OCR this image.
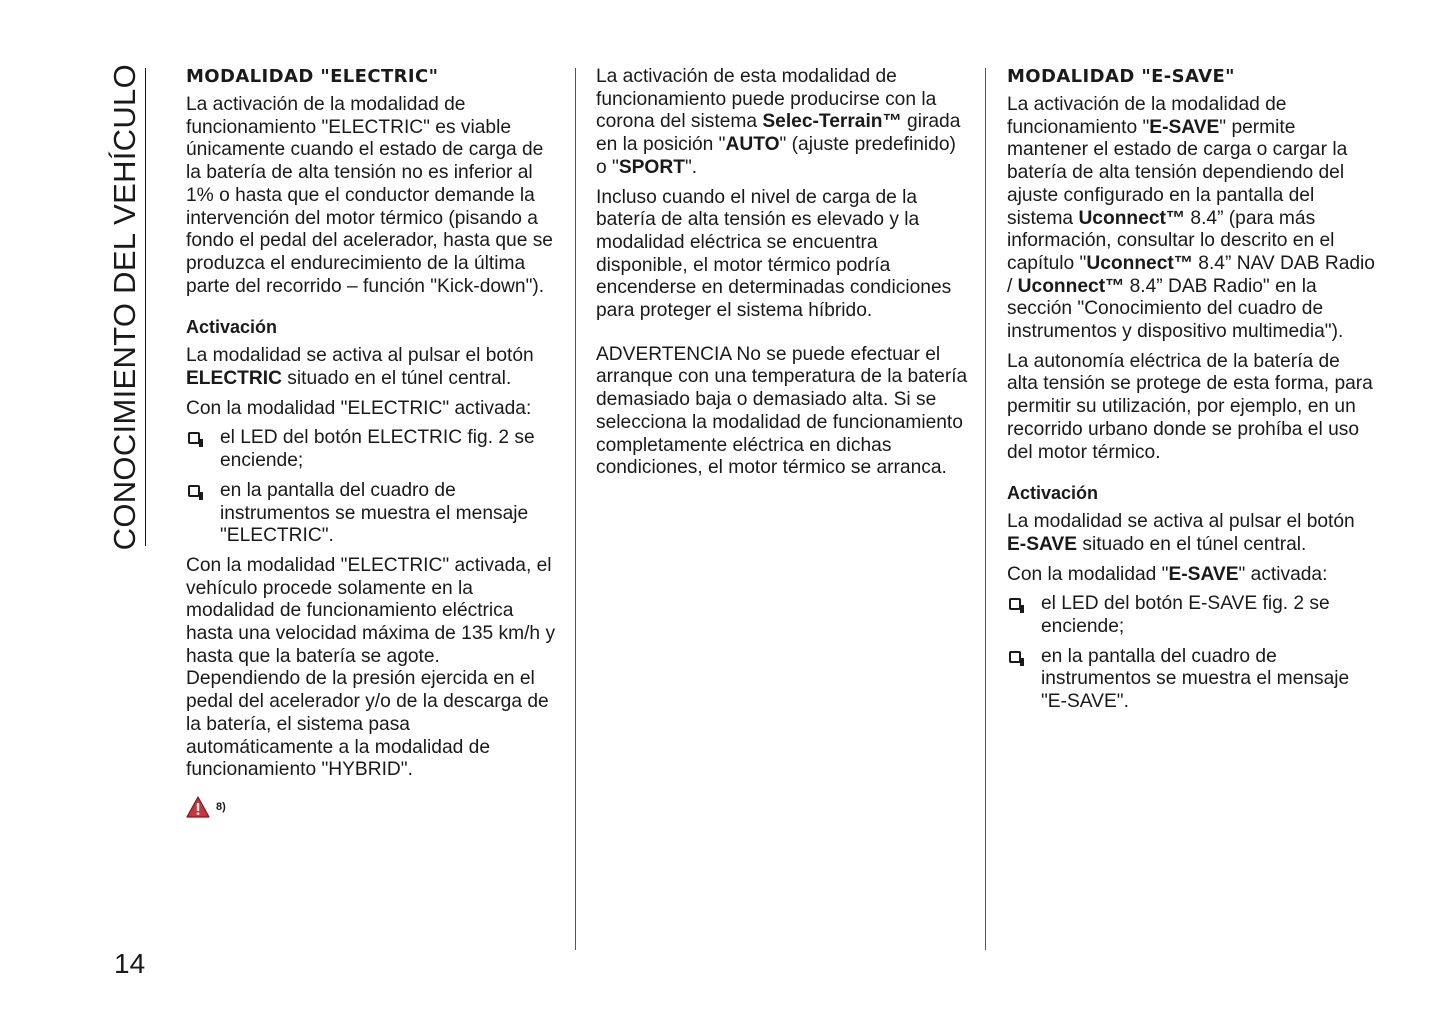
CONOCIMIENTO DEL VEHÍCULO
14
MODALIDAD "ELECTRIC"

La activación de la modalidad de funcionamiento "ELECTRIC" es viable únicamente cuando el estado de carga de la batería de alta tensión no es inferior al 1% o hasta que el conductor demande la intervención del motor térmico (pisando a fondo el pedal del acelerador, hasta que se produzca el endurecimiento de la última parte del recorrido – función "Kick-down").

Activación

La modalidad se activa al pulsar el botón ELECTRIC situado en el túnel central.

Con la modalidad "ELECTRIC" activada:

el LED del botón ELECTRIC fig. 2 se enciende;
en la pantalla del cuadro de instrumentos se muestra el mensaje "ELECTRIC".

Con la modalidad "ELECTRIC" activada, el vehículo procede solamente en la modalidad de funcionamiento eléctrica hasta una velocidad máxima de 135 km/h y hasta que la batería se agote. Dependiendo de la presión ejercida en el pedal del acelerador y/o de la descarga de la batería, el sistema pasa automáticamente a la modalidad de funcionamiento "HYBRID".

8)

La activación de esta modalidad de funcionamiento puede producirse con la corona del sistema Selec-Terrain™ girada en la posición "AUTO" (ajuste predefinido) o "SPORT".

Incluso cuando el nivel de carga de la batería de alta tensión es elevado y la modalidad eléctrica se encuentra disponible, el motor térmico podría encenderse en determinadas condiciones para proteger el sistema híbrido.

ADVERTENCIA No se puede efectuar el arranque con una temperatura de la batería demasiado baja o demasiado alta. Si se selecciona la modalidad de funcionamiento completamente eléctrica en dichas condiciones, el motor térmico se arranca.

MODALIDAD "E-SAVE"

La activación de la modalidad de funcionamiento "E-SAVE" permite mantener el estado de carga o cargar la batería de alta tensión dependiendo del ajuste configurado en la pantalla del sistema Uconnect™ 8.4” (para más información, consultar lo descrito en el capítulo "Uconnect™ 8.4” NAV DAB Radio / Uconnect™ 8.4” DAB Radio" en la sección "Conocimiento del cuadro de instrumentos y dispositivo multimedia").

La autonomía eléctrica de la batería de alta tensión se protege de esta forma, para permitir su utilización, por ejemplo, en un recorrido urbano donde se prohíba el uso del motor térmico.

Activación

La modalidad se activa al pulsar el botón E-SAVE situado en el túnel central.

Con la modalidad "E-SAVE" activada:

el LED del botón E-SAVE fig. 2 se enciende;
en la pantalla del cuadro de instrumentos se muestra el mensaje "E-SAVE".
